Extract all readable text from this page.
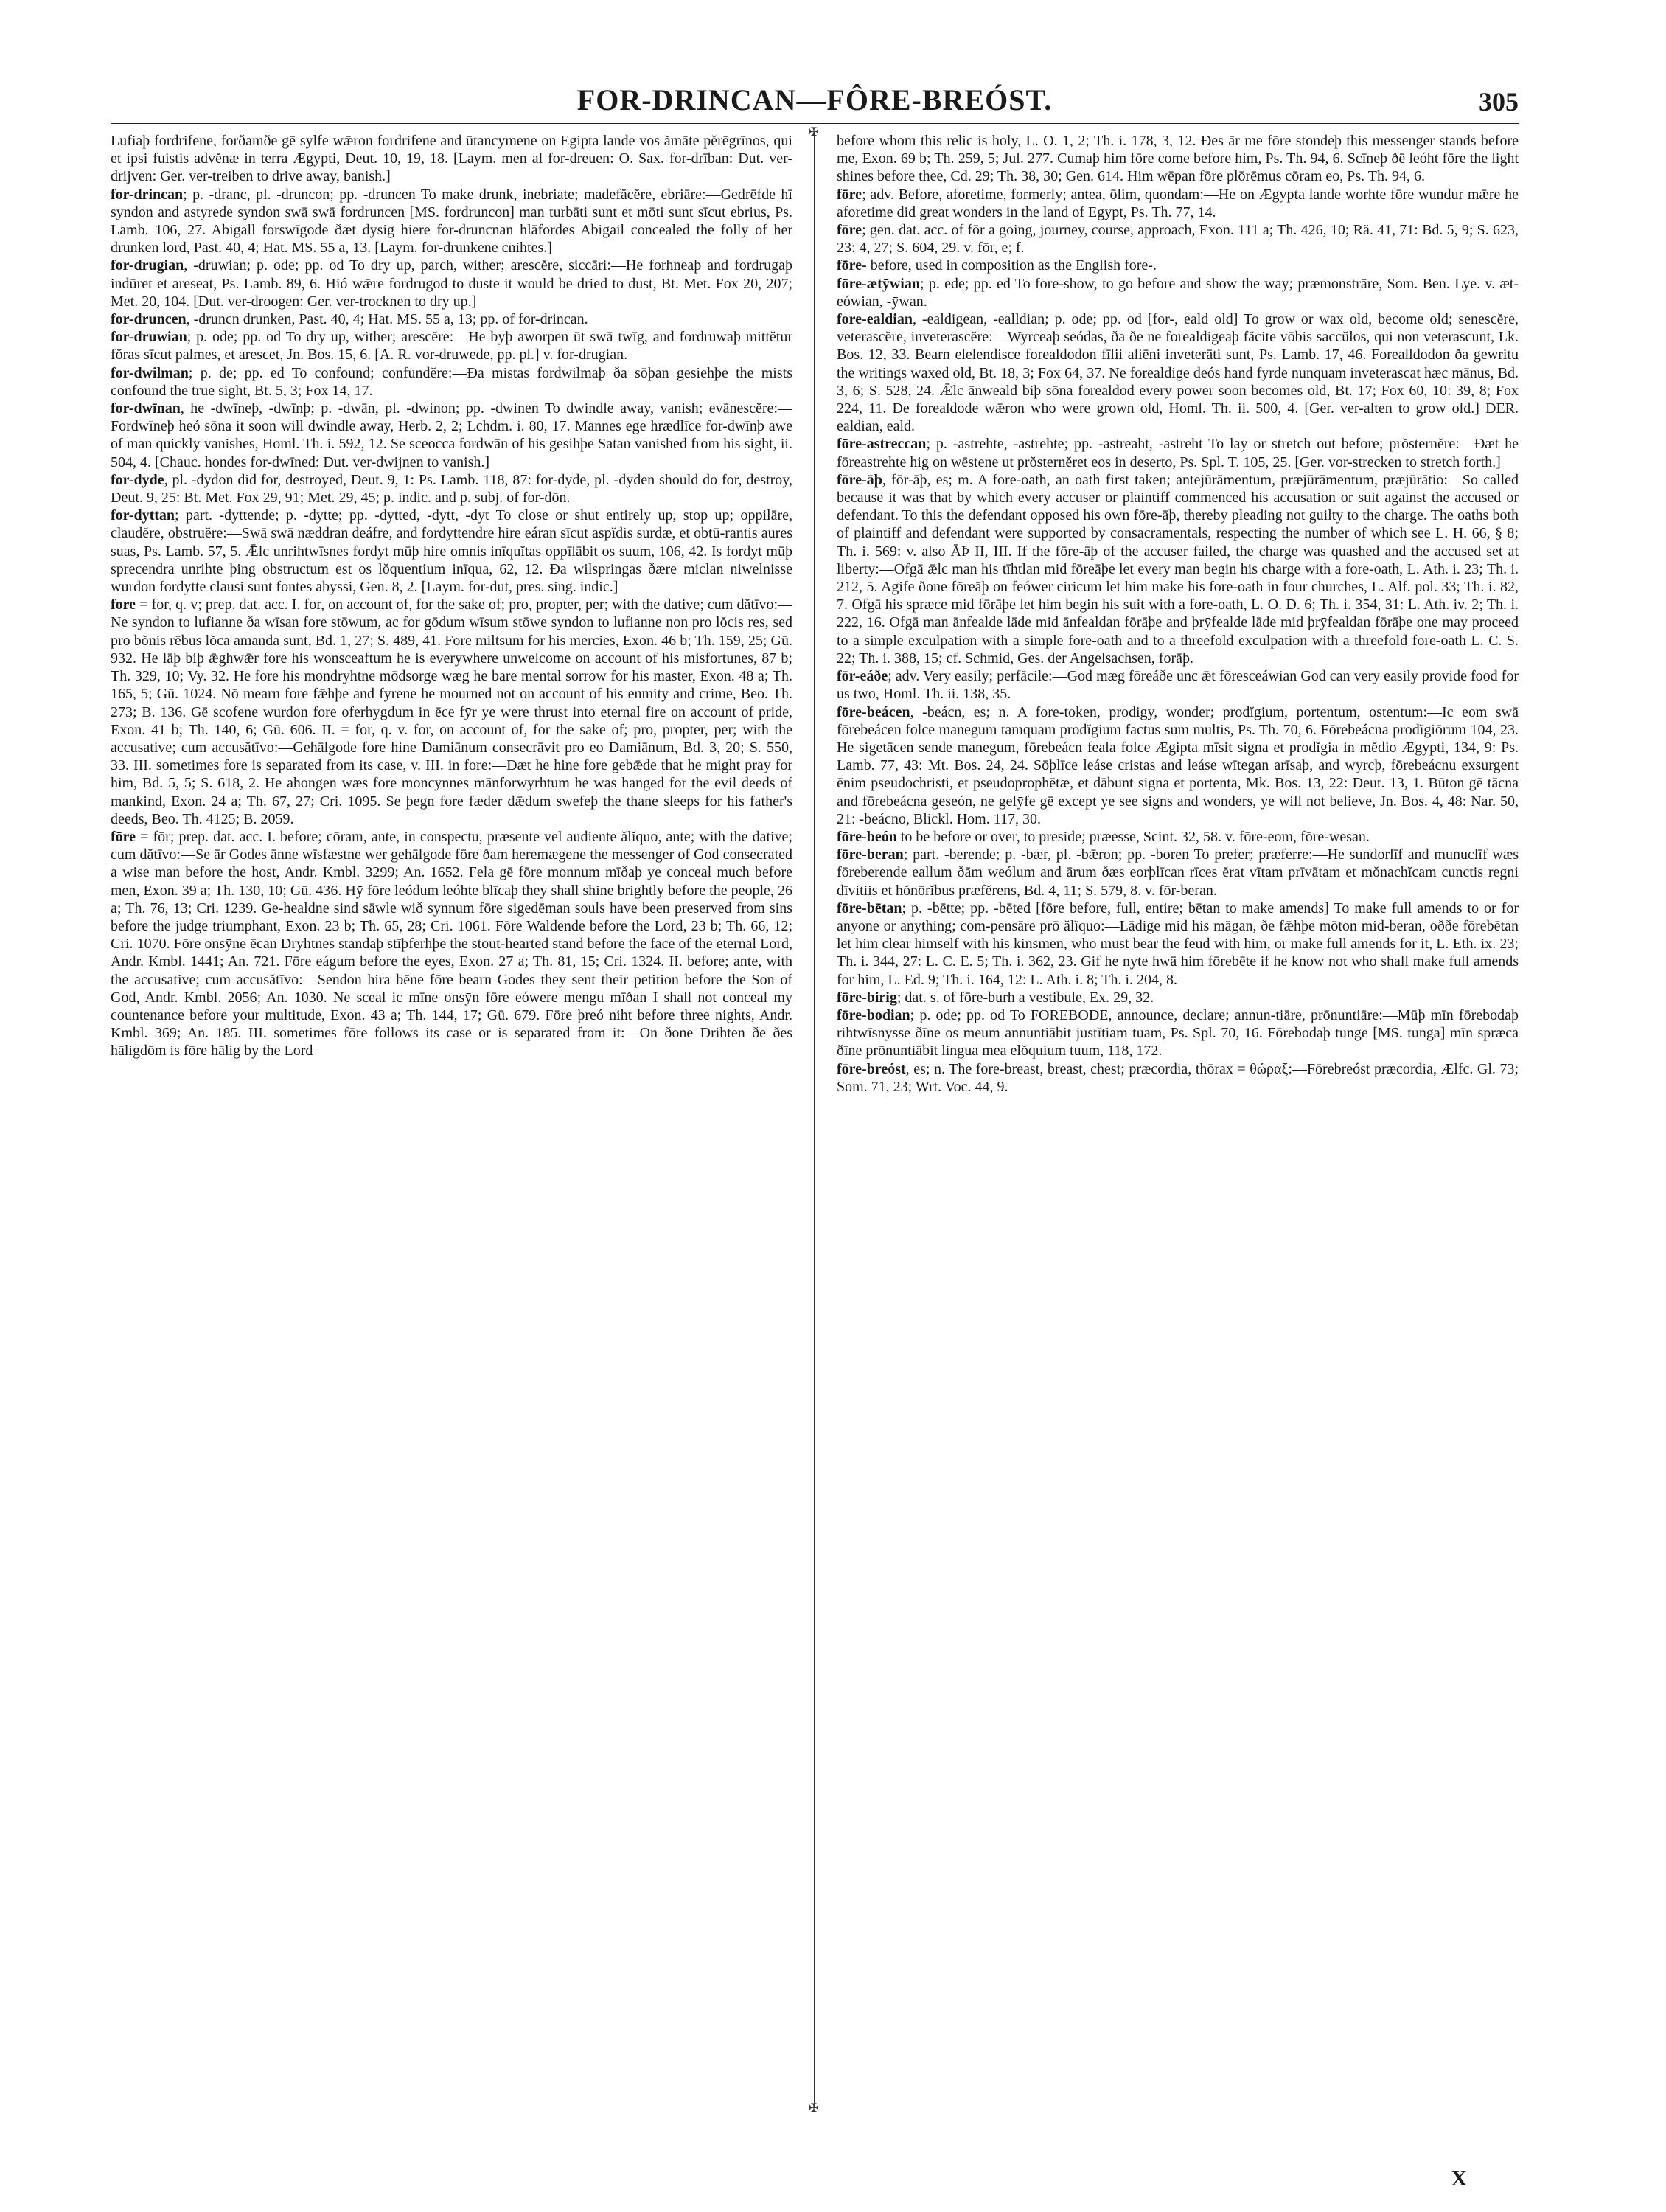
FOR-DRINCAN—FÔRE-BREÓST.	305

Lufiaþ fordrifene, forðamðe gē sylfe wǣron fordrifene and ūtancymene on Egipta lande vos ămāte pĕrēgrīnos, qui et ipsi fuistis advĕnæ in terra Ægypti, Deut. 10, 19, 18. [Laym. men al for-dreuen: O. Sax. for-drīban: Dut. ver-drijven: Ger. ver-treiben to drive away, banish.]

for-drincan; p. -dranc, pl. -druncon; pp. -druncen To make drunk, inebriate; madefăcĕre, ebriāre:—Gedrēfde hī syndon and astyrede syndon swā swā fordruncen [MS. fordruncon] man turbāti sunt et mōti sunt sīcut ebrius, Ps. Lamb. 106, 27. Abigall forswīgode ðæt dysig hiere for-druncnan hlāfordes Abigail concealed the folly of her drunken lord, Past. 40, 4; Hat. MS. 55 a, 13. [Laym. for-drunkene cnihtes.]

for-drugian, -druwian; p. ode; pp. od To dry up, parch, wither; arescĕre, siccāri:—He forhneaþ and fordrugaþ indūret et areseat, Ps. Lamb. 89, 6. Hió wǣre fordrugod to duste it would be dried to dust, Bt. Met. Fox 20, 207; Met. 20, 104. [Dut. ver-droogen: Ger. ver-trocknen to dry up.]

for-druncen, -druncn drunken, Past. 40, 4; Hat. MS. 55 a, 13; pp. of for-drincan.

for-druwian; p. ode; pp. od To dry up, wither; arescĕre:—He byþ aworpen ūt swā twīg, and fordruwaþ mittĕtur fŏras sīcut palmes, et arescet, Jn. Bos. 15, 6. [A. R. vor-druwede, pp. pl.] v. for-drugian.

for-dwilman; p. de; pp. ed To confound; confundĕre:—Ða mistas fordwilmaþ ða sōþan gesiehþe the mists confound the true sight, Bt. 5, 3; Fox 14, 17.

for-dwīnan, he -dwīneþ, -dwīnþ; p. -dwān, pl. -dwinon; pp. -dwinen To dwindle away, vanish; evānescĕre:—Fordwīneþ heó sōna it soon will dwindle away, Herb. 2, 2; Lchdm. i. 80, 17. Mannes ege hrædlīce for-dwīnþ awe of man quickly vanishes, Homl. Th. i. 592, 12. Se sceocca fordwān of his gesihþe Satan vanished from his sight, ii. 504, 4. [Chauc. hondes for-dwīned: Dut. ver-dwijnen to vanish.]

for-dyde, pl. -dydon did for, destroyed, Deut. 9, 1: Ps. Lamb. 118, 87: for-dyde, pl. -dyden should do for, destroy, Deut. 9, 25: Bt. Met. Fox 29, 91; Met. 29, 45; p. indic. and p. subj. of for-dōn.

for-dyttan; part. -dyttende; p. -dytte; pp. -dytted, -dytt, -dyt To close or shut entirely up, stop up; oppilāre, claudĕre, obstruĕre:—Swā swā næddran deáfre, and fordyttendre hire eáran sīcut aspĭdis surdæ, et obtū-rantis aures suas, Ps. Lamb. 57, 5. Ǣlc unrihtwīsnes fordyt mūþ hire omnis inīquĭtas oppīlābit os suum, 106, 42. Is fordyt mūþ sprecendra unrihte þing obstructum est os lŏquentium inīqua, 62, 12. Ða wilspringas ðære miclan niwelnisse wurdon fordytte clausi sunt fontes abyssi, Gen. 8, 2. [Laym. for-dut, pres. sing. indic.]

fore = for, q. v; prep. dat. acc. I. for, on account of, for the sake of; pro, propter, per; with the dative; cum dătīvo:—Ne syndon to lufianne ða wīsan fore stōwum, ac for gōdum wīsum stōwe syndon to lufianne non pro lŏcis res, sed pro bŏnis rēbus lŏca amanda sunt, Bd. 1, 27; S. 489, 41. Fore miltsum for his mercies, Exon. 46 b; Th. 159, 25; Gū. 932. He lāþ biþ ǣghwǣr fore his wonsceaftum he is everywhere unwelcome on account of his misfortunes, 87 b; Th. 329, 10; Vy. 32. He fore his mondryhtne mōdsorge wæg he bare mental sorrow for his master, Exon. 48 a; Th. 165, 5; Gū. 1024. Nō mearn fore fǣhþe and fyrene he mourned not on account of his enmity and crime, Beo. Th. 273; B. 136. Gē scofene wurdon fore oferhygdum in ēce fȳr ye were thrust into eternal fire on account of pride, Exon. 41 b; Th. 140, 6; Gū. 606. II. = for, q. v. for, on account of, for the sake of; pro, propter, per; with the accusative; cum accusătīvo:—Gehālgode fore hine Damiānum consecrāvit pro eo Damiānum, Bd. 3, 20; S. 550, 33. III. sometimes fore is separated from its case, v. III. in fore:—Ðæt he hine fore gebǣde that he might pray for him, Bd. 5, 5; S. 618, 2. He ahongen wæs fore moncynnes mānforwyrhtum he was hanged for the evil deeds of mankind, Exon. 24 a; Th. 67, 27; Cri. 1095. Se þegn fore fæder dǣdum swefeþ the thane sleeps for his father's deeds, Beo. Th. 4125; B. 2059.

fōre = fōr; prep. dat. acc. I. before; cōram, ante, in conspectu, præsente vel audiente ălĭquo, ante; with the dative; cum dătīvo:—Se ār Godes ānne wīsfæstne wer gehālgode fōre ðam heremægene the messenger of God consecrated a wise man before the host, Andr. Kmbl. 3299; An. 1652. Fela gē fōre monnum mīðaþ ye conceal much before men, Exon. 39 a; Th. 130, 10; Gū. 436. Hȳ fōre leódum leóhte blīcaþ they shall shine brightly before the people, 26 a; Th. 76, 13; Cri. 1239. Ge-healdne sind sāwle wið synnum fōre sigedēman souls have been preserved from sins before the judge triumphant, Exon. 23 b; Th. 65, 28; Cri. 1061. Fōre Waldende before the Lord, 23 b; Th. 66, 12; Cri. 1070. Fōre onsȳne ēcan Dryhtnes standaþ stīþferhþe the stout-hearted stand before the face of the eternal Lord, Andr. Kmbl. 1441; An. 721. Fōre eágum before the eyes, Exon. 27 a; Th. 81, 15; Cri. 1324. II. before; ante, with the accusative; cum accusătīvo:—Sendon hira bēne fōre bearn Godes they sent their petition before the Son of God, Andr. Kmbl. 2056; An. 1030. Ne sceal ic mīne onsȳn fōre eówere mengu mīðan I shall not conceal my countenance before your multitude, Exon. 43 a; Th. 144, 17; Gū. 679. Fōre þreó niht before three nights, Andr. Kmbl. 369; An. 185. III. sometimes fōre follows its case or is separated from it:—On ðone Drihten ðe ðes hāligdōm is fōre hālig by the Lord

✠
✠

before whom this relic is holy, L. O. 1, 2; Th. i. 178, 3, 12. Ðes ār me fōre stondeþ this messenger stands before me, Exon. 69 b; Th. 259, 5; Jul. 277. Cumaþ him fōre come before him, Ps. Th. 94, 6. Scīneþ ðē leóht fōre the light shines before thee, Cd. 29; Th. 38, 30; Gen. 614. Him wēpan fōre plōrēmus cōram eo, Ps. Th. 94, 6.

fōre; adv. Before, aforetime, formerly; antea, ōlim, quondam:—He on Ægypta lande worhte fōre wundur mǣre he aforetime did great wonders in the land of Egypt, Ps. Th. 77, 14.

fōre; gen. dat. acc. of fōr a going, journey, course, approach, Exon. 111 a; Th. 426, 10; Rä. 41, 71: Bd. 5, 9; S. 623, 23: 4, 27; S. 604, 29. v. fōr, e; f.

fōre- before, used in composition as the English fore-.

fōre-ætȳwian; p. ede; pp. ed To fore-show, to go before and show the way; præmonstrāre, Som. Ben. Lye. v. æt-eówian, -ȳwan.

fore-ealdian, -ealdigean, -ealldian; p. ode; pp. od [for-, eald old] To grow or wax old, become old; senescĕre, veterascĕre, inveterascĕre:—Wyrceaþ seódas, ða ðe ne forealdigeaþ făcite vōbis saccŭlos, qui non veterascunt, Lk. Bos. 12, 33. Bearn elelendisce forealdodon fīlii aliēni inveterāti sunt, Ps. Lamb. 17, 46. Forealldodon ða gewritu the writings waxed old, Bt. 18, 3; Fox 64, 37. Ne forealdige deós hand fyrde nunquam inveterascat hæc mānus, Bd. 3, 6; S. 528, 24. Ǣlc ānweald biþ sōna forealdod every power soon becomes old, Bt. 17; Fox 60, 10: 39, 8; Fox 224, 11. Ðe forealdode wǣron who were grown old, Homl. Th. ii. 500, 4. [Ger. ver-alten to grow old.] DER. ealdian, eald.

fōre-astreccan; p. -astrehte, -astrehte; pp. -astreaht, -astreht To lay or stretch out before; prŏsternĕre:—Ðæt he fōreastrehte hig on wēstene ut prŏsternĕret eos in deserto, Ps. Spl. T. 105, 25. [Ger. vor-strecken to stretch forth.]

fōre-āþ, fōr-āþ, es; m. A fore-oath, an oath first taken; antejūrāmentum, præjūrāmentum, præjūrātio:—So called because it was that by which every accuser or plaintiff commenced his accusation or suit against the accused or defendant. To this the defendant opposed his own fōre-āþ, thereby pleading not guilty to the charge. The oaths both of plaintiff and defendant were supported by consacramentals, respecting the number of which see L. H. 66, § 8; Th. i. 569: v. also ĀÞ II, III. If the fōre-āþ of the accuser failed, the charge was quashed and the accused set at liberty:—Ofgā ǣlc man his tīhtlan mid fōreāþe let every man begin his charge with a fore-oath, L. Ath. i. 23; Th. i. 212, 5. Agife ðone fōreāþ on feówer ciricum let him make his fore-oath in four churches, L. Alf. pol. 33; Th. i. 82, 7. Ofgā his spræce mid fōrāþe let him begin his suit with a fore-oath, L. O. D. 6; Th. i. 354, 31: L. Ath. iv. 2; Th. i. 222, 16. Ofgā man ānfealde lāde mid ānfealdan fōrāþe and þrȳfealde lāde mid þrȳfealdan fōrāþe one may proceed to a simple exculpation with a simple fore-oath and to a threefold exculpation with a threefold fore-oath L. C. S. 22; Th. i. 388, 15; cf. Schmid, Ges. der Angelsachsen, forāþ.

fōr-eáðe; adv. Very easily; perfăcile:—God mæg fōreáðe unc ǣt fōresceáwian God can very easily provide food for us two, Homl. Th. ii. 138, 35.

fōre-beácen, -beácn, es; n. A fore-token, prodigy, wonder; prodĭgium, portentum, ostentum:—Ic eom swā fōrebeácen folce manegum tamquam prodĭgium factus sum multis, Ps. Th. 70, 6. Fōrebeácna prodĭgiōrum 104, 23. He sigetācen sende manegum, fōrebeácn feala folce Ægipta mīsit signa et prodĭgia in mĕdio Ægypti, 134, 9: Ps. Lamb. 77, 43: Mt. Bos. 24, 24. Sōþlīce leáse cristas and leáse wītegan arīsaþ, and wyrcþ, fōrebeácnu exsurgent ēnim pseudochristi, et pseudoprophētæ, et dābunt signa et portenta, Mk. Bos. 13, 22: Deut. 13, 1. Būton gē tācna and fōrebeácna geseón, ne gelȳfe gē except ye see signs and wonders, ye will not believe, Jn. Bos. 4, 48: Nar. 50, 21: -beácno, Blickl. Hom. 117, 30.

fōre-beón to be before or over, to preside; præesse, Scint. 32, 58. v. fōre-eom, fōre-wesan.

fōre-beran; part. -berende; p. -bær, pl. -bǣron; pp. -boren To prefer; præferre:—He sundorlīf and munuclīf wæs fōreberende eallum ðām weólum and ārum ðæs eorþlīcan rīces ĕrat vītam prīvātam et mŏnachĭcam cunctis regni dīvitiis et hŏnōrĭbus præfĕrens, Bd. 4, 11; S. 579, 8. v. fōr-beran.

fōre-bētan; p. -bētte; pp. -bēted [fōre before, full, entire; bētan to make amends] To make full amends to or for anyone or anything; com-pensāre prō ălĭquo:—Lādige mid his māgan, ðe fǣhþe mōton mid-beran, oððe fōrebētan let him clear himself with his kinsmen, who must bear the feud with him, or make full amends for it, L. Eth. ix. 23; Th. i. 344, 27: L. C. E. 5; Th. i. 362, 23. Gif he nyte hwā him fōrebēte if he know not who shall make full amends for him, L. Ed. 9; Th. i. 164, 12: L. Ath. i. 8; Th. i. 204, 8.

fōre-birig; dat. s. of fōre-burh a vestibule, Ex. 29, 32.

fōre-bodian; p. ode; pp. od To FOREBODE, announce, declare; annun-tiāre, prōnuntiāre:—Mūþ mīn fōrebodaþ rihtwīsnysse ðīne os meum annuntiābit justĭtiam tuam, Ps. Spl. 70, 16. Fōrebodaþ tunge [MS. tunga] mīn spræca ðīne prōnuntiābit lingua mea elŏquium tuum, 118, 172.

fōre-breóst, es; n. The fore-breast, breast, chest; præcordia, thōrax = θώραξ:—Fōrebreóst præcordia, Ælfc. Gl. 73; Som. 71, 23; Wrt. Voc. 44, 9.

X
